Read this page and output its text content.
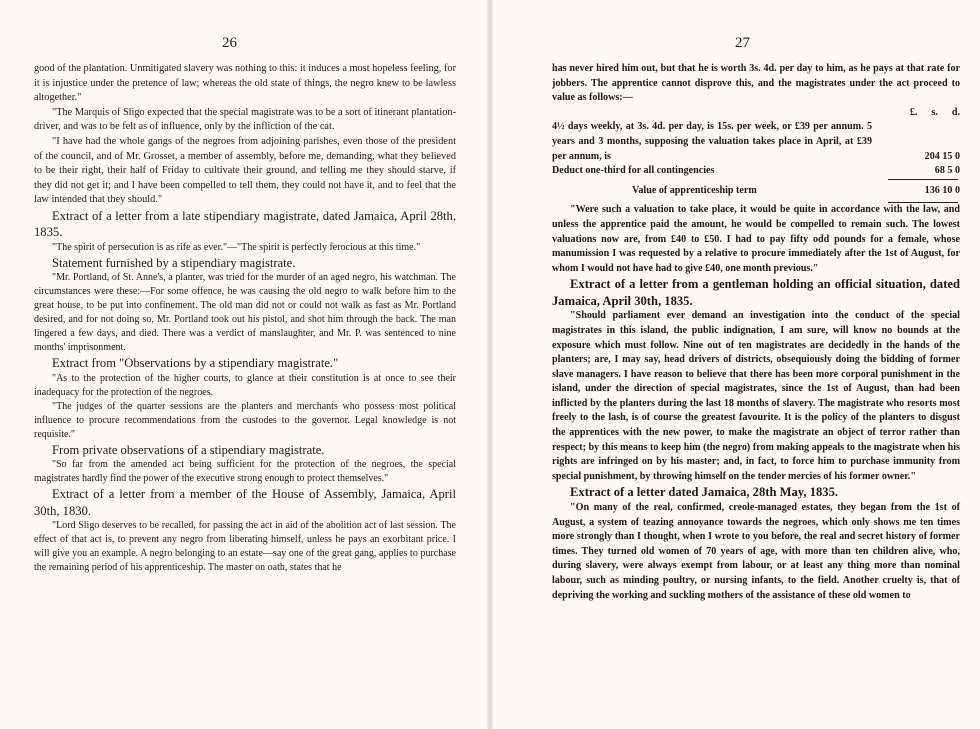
26

good of the plantation. Unmitigated slavery was nothing to this: it induces a most hopeless feeling, for it is injustice under the pretence of law; whereas the old state of things, the negro knew to be lawless altogether."

"The Marquis of Sligo expected that the special magistrate was to be a sort of itinerant plantation-driver, and was to be felt as of influence, only by the infliction of the cat.

"I have had the whole gangs of the negroes from adjoining parishes, even those of the president of the council, and of Mr. Grosset, a member of assembly, before me, demanding, what they believed to be their right, their half of Friday to cultivate their ground, and telling me they should starve, if they did not get it; and I have been compelled to tell them, they could not have it, and to feel that the law intended that they should."

Extract of a letter from a late stipendiary magistrate, dated Jamaica, April 28th, 1835.

"The spirit of persecution is as rife as ever."—"The spirit is perfectly ferocious at this time."

Statement furnished by a stipendiary magistrate.

"Mr. Portland, of St. Anne's, a planter, was tried for the murder of an aged negro, his watchman. The circumstances were these:—For some offence, he was causing the old negro to walk before him to the great house, to be put into confinement. The old man did not or could not walk as fast as Mr. Portland desired, and for not doing so, Mr. Portland took out his pistol, and shot him through the back. The man lingered a few days, and died. There was a verdict of manslaughter, and Mr. P. was sentenced to nine months' imprisonment.

Extract from "Observations by a stipendiary magistrate."

"As to the protection of the higher courts, to glance at their constitution is at once to see their inadequacy for the protection of the negroes.

"The judges of the quarter sessions are the planters and merchants who possess most political influence to procure recommendations from the custodes to the governor. Legal knowledge is not requisite."

From private observations of a stipendiary magistrate.

"So far from the amended act being sufficient for the protection of the negroes, the special magistrates hardly find the power of the executive strong enough to protect themselves."

Extract of a letter from a member of the House of Assembly, Jamaica, April 30th, 1830.

"Lord Sligo deserves to be recalled, for passing the act in aid of the abolition act of last session. The effect of that act is, to prevent any negro from liberating himself, unless he pays an exorbitant price. I will give you an example. A negro belonging to an estate—say one of the great gang, applies to purchase the remaining period of his apprenticeship. The master on oath, states that he

27

has never hired him out, but that he is worth 3s. 4d. per day to him, as he pays at that rate for jobbers. The apprentice cannot disprove this, and the magistrates under the act proceed to value as follows:—

£. s. d.
4½ days weekly, at 3s. 4d. per day, is 15s. per week, or £39 per annum. 5 years and 3 months, supposing the valuation takes place in April, at £39 per annum, is	204 15 0
Deduct one-third for all contingencies	68 5 0
Value of apprenticeship term	136 10 0

"Were such a valuation to take place, it would be quite in accordance with the law, and unless the apprentice paid the amount, he would be compelled to remain such. The lowest valuations now are, from £40 to £50. I had to pay fifty odd pounds for a female, whose manumission I was requested by a relative to procure immediately after the 1st of August, for whom I would not have had to give £40, one month previous."

Extract of a letter from a gentleman holding an official situation, dated Jamaica, April 30th, 1835.

"Should parliament ever demand an investigation into the conduct of the special magistrates in this island, the public indignation, I am sure, will know no bounds at the exposure which must follow. Nine out of ten magistrates are decidedly in the hands of the planters; are, I may say, head drivers of districts, obsequiously doing the bidding of former slave managers. I have reason to believe that there has been more corporal punishment in the island, under the direction of special magistrates, since the 1st of August, than had been inflicted by the planters during the last 18 months of slavery. The magistrate who resorts most freely to the lash, is of course the greatest favourite. It is the policy of the planters to disgust the apprentices with the new power, to make the magistrate an object of terror rather than respect; by this means to keep him (the negro) from making appeals to the magistrate when his rights are infringed on by his master; and, in fact, to force him to purchase immunity from special punishment, by throwing himself on the tender mercies of his former owner."

Extract of a letter dated Jamaica, 28th May, 1835.

"On many of the real, confirmed, creole-managed estates, they began from the 1st of August, a system of teazing annoyance towards the negroes, which only shows me ten times more strongly than I thought, when I wrote to you before, the real and secret history of former times. They turned old women of 70 years of age, with more than ten children alive, who, during slavery, were always exempt from labour, or at least any thing more than nominal labour, such as minding poultry, or nursing infants, to the field. Another cruelty is, that of depriving the working and suckling mothers of the assistance of these old women to
